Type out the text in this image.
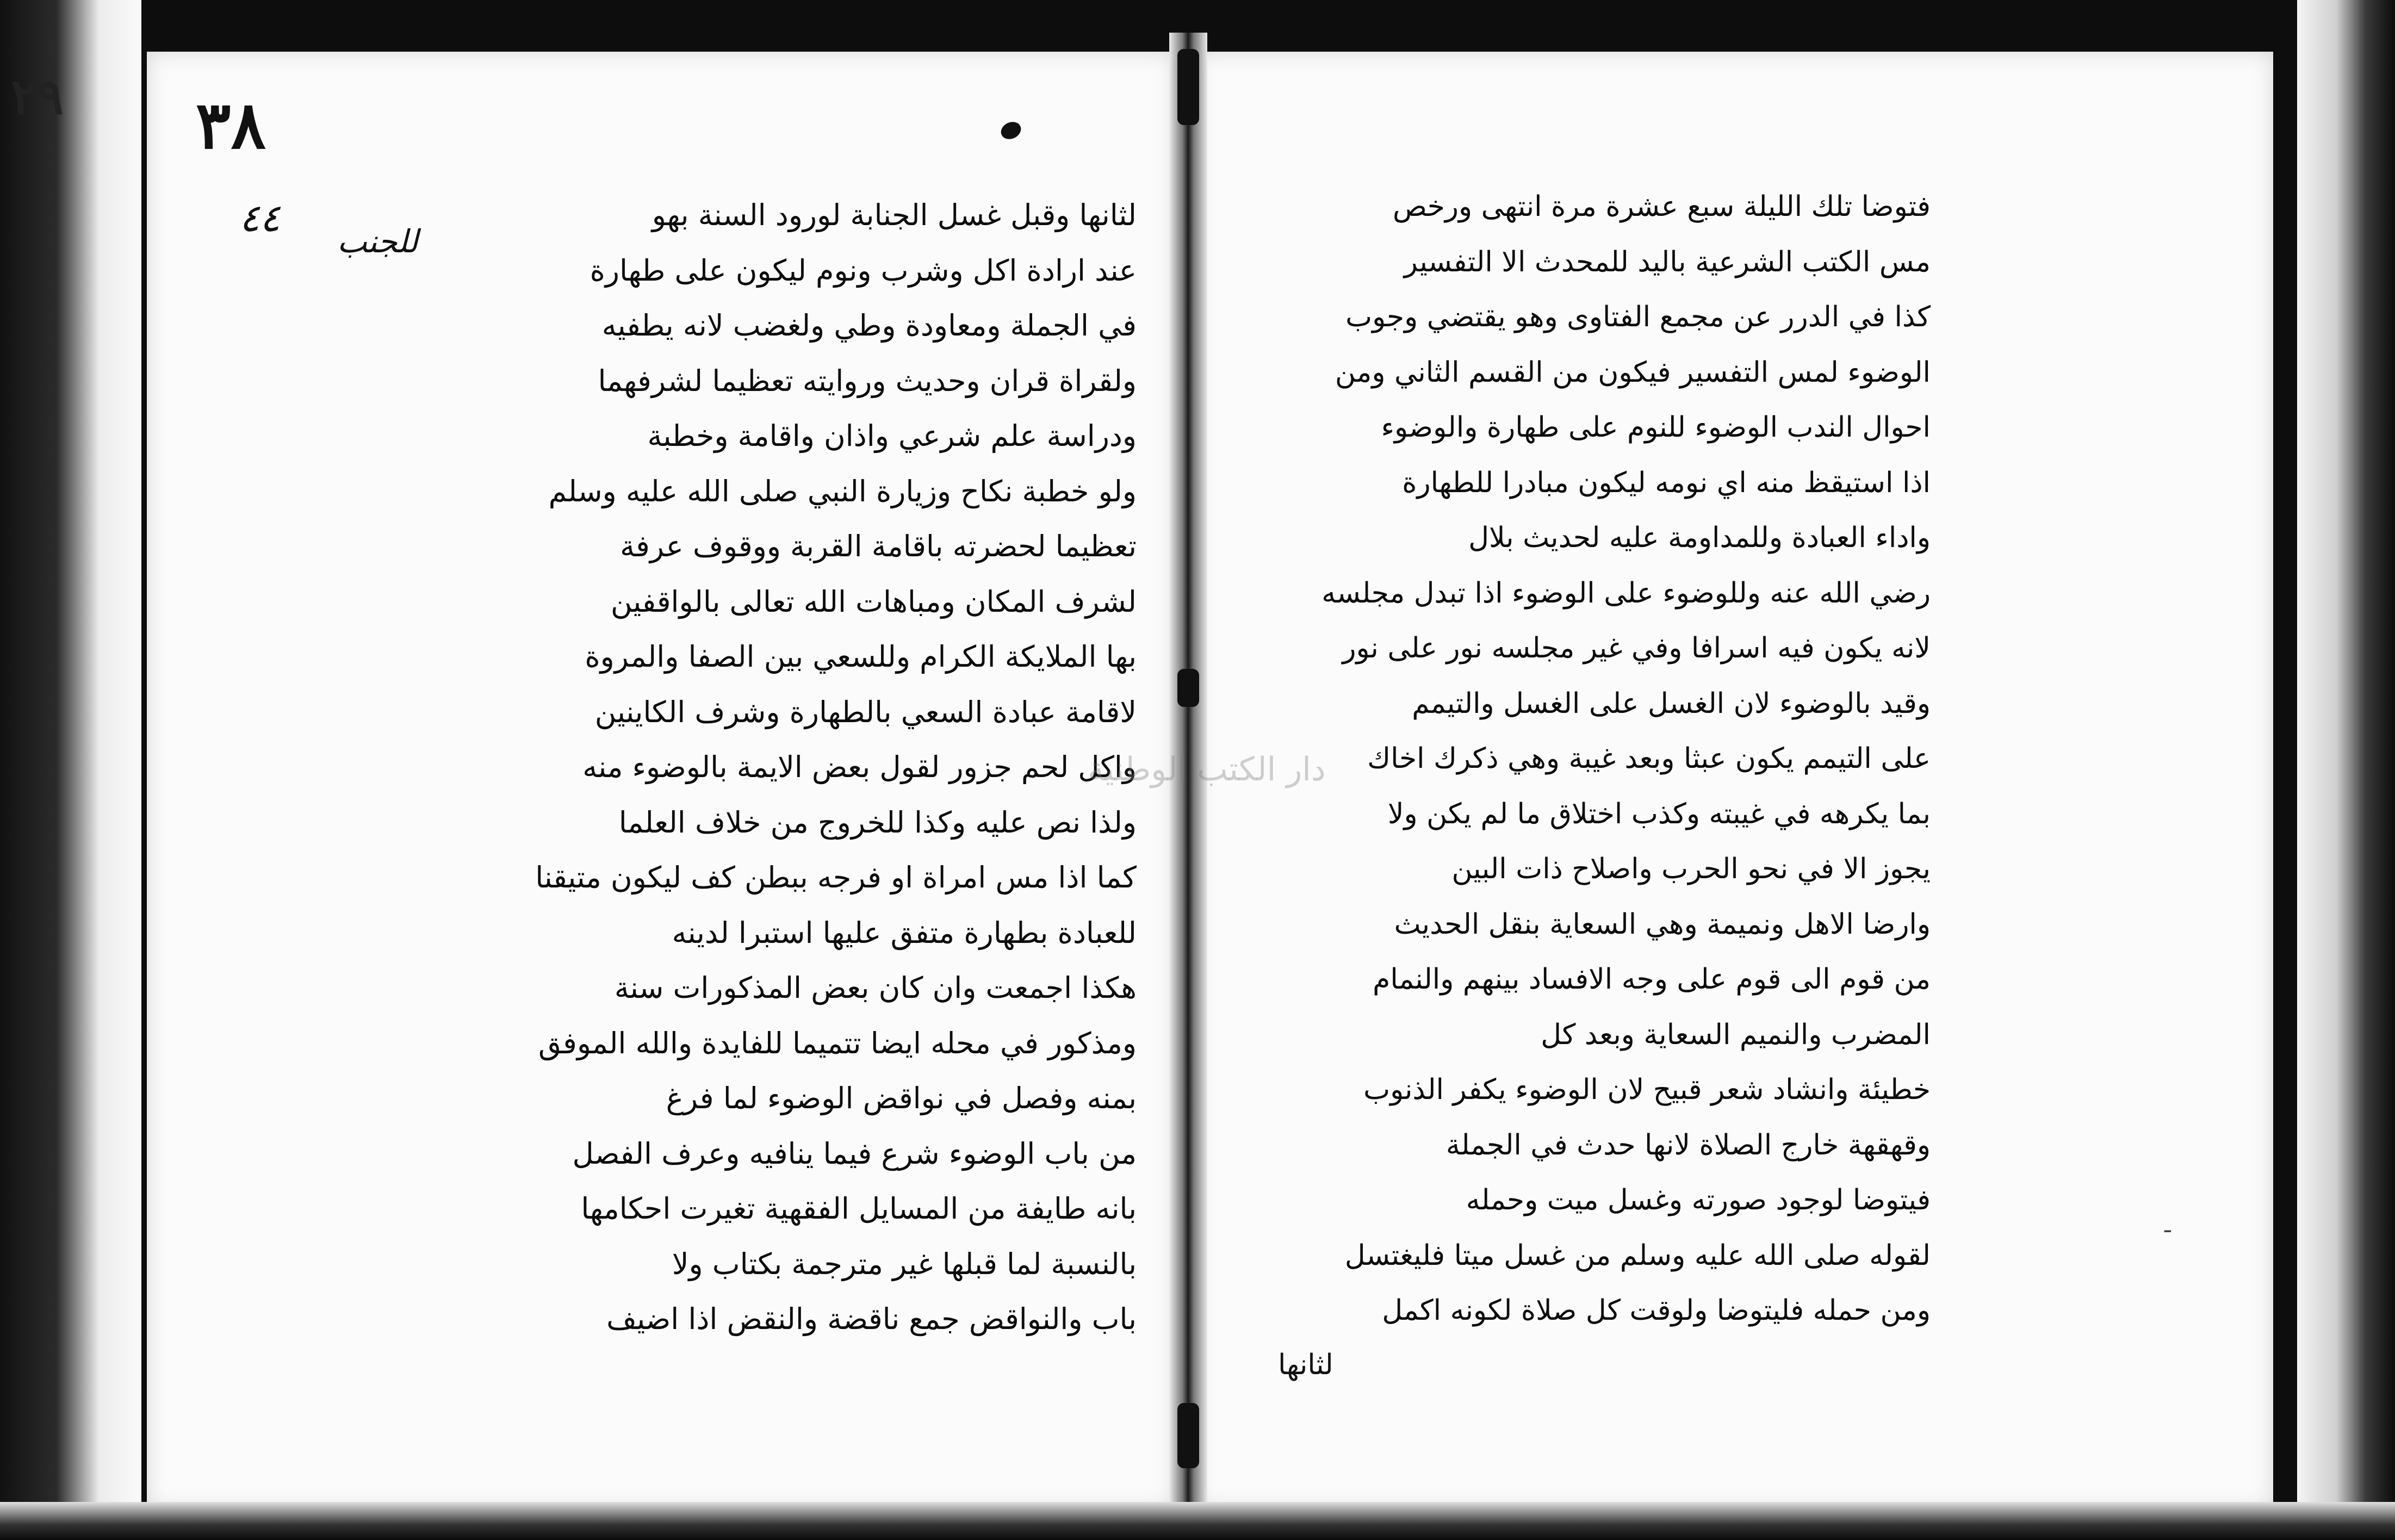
٢٩ ٣٨
٤٤
للجنب
لثانها وقبل غسل الجنابة لورود السنة بهو
عند ارادة اكل وشرب ونوم ليكون على طهارة
في الجملة ومعاودة وطي ولغضب لانه يطفيه
ولقراة قران وحديث وروايته تعظيما لشرفهما
ودراسة علم شرعي واذان واقامة وخطبة
ولو خطبة نكاح وزيارة النبي صلى الله عليه وسلم
تعظيما لحضرته باقامة القربة ووقوف عرفة
لشرف المكان ومباهات الله تعالى بالواقفين
بها الملايكة الكرام وللسعي بين الصفا والمروة
لاقامة عبادة السعي بالطهارة وشرف الكاينين
واكل لحم جزور لقول بعض الايمة بالوضوء منه
ولذا نص عليه وكذا للخروج من خلاف العلما
كما اذا مس امراة او فرجه ببطن كف ليكون متيقنا
للعبادة بطهارة متفق عليها استبرا لدينه
هكذا اجمعت وان كان بعض المذكورات سنة
ومذكور في محله ايضا تتميما للفايدة والله الموفق
بمنه وفصل في نواقض الوضوء لما فرغ
من باب الوضوء شرع فيما ينافيه وعرف الفصل
بانه طايفة من المسايل الفقهية تغيرت احكامها
بالنسبة لما قبلها غير مترجمة بكتاب ولا
باب والنواقض جمع ناقضة والنقض اذا اضيف
فتوضا تلك الليلة سبع عشرة مرة انتهى ورخص
مس الكتب الشرعية باليد للمحدث الا التفسير
كذا في الدرر عن مجمع الفتاوى وهو يقتضي وجوب
الوضوء لمس التفسير فيكون من القسم الثاني ومن
احوال الندب الوضوء للنوم على طهارة والوضوء
اذا استيقظ منه اي نومه ليكون مبادرا للطهارة
واداء العبادة وللمداومة عليه لحديث بلال
رضي الله عنه وللوضوء على الوضوء اذا تبدل مجلسه
لانه يكون فيه اسرافا وفي غير مجلسه نور على نور
وقيد بالوضوء لان الغسل على الغسل والتيمم
على التيمم يكون عبثا وبعد غيبة وهي ذكرك اخاك
بما يكرهه في غيبته وكذب اختلاق ما لم يكن ولا
يجوز الا في نحو الحرب واصلاح ذات البين
وارضا الاهل ونميمة وهي السعاية بنقل الحديث
من قوم الى قوم على وجه الافساد بينهم والنمام
المضرب والنميم السعاية وبعد كل
خطيئة وانشاد شعر قبيح لان الوضوء يكفر الذنوب
وقهقهة خارج الصلاة لانها حدث في الجملة
فيتوضا لوجود صورته وغسل ميت وحمله
لقوله صلى الله عليه وسلم من غسل ميتا فليغتسل
ومن حمله فليتوضا ولوقت كل صلاة لكونه اكمل
دار الكتب الوطنية
لثانها
ـ
